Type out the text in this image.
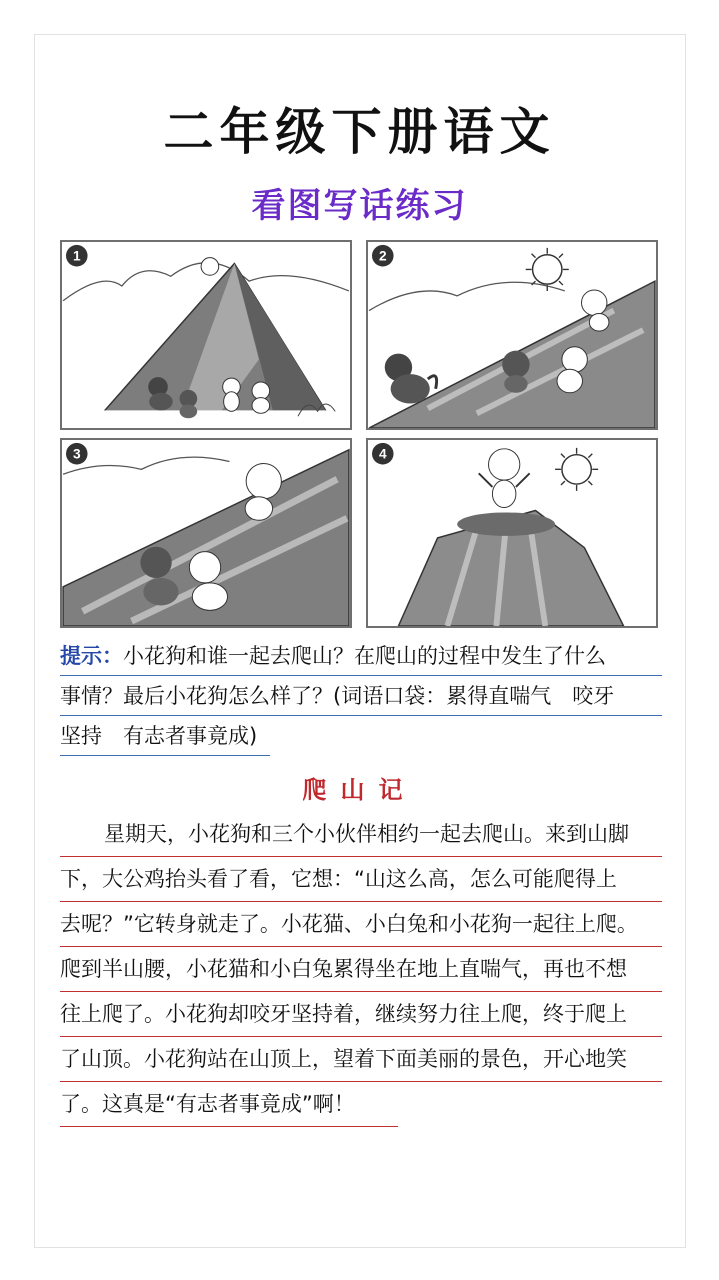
二年级下册语文
看图写话练习
1	2
3	4
提示：小花狗和谁一起去爬山？在爬山的过程中发生了什么
事情？最后小花狗怎么样了？(词语口袋：累得直喘气　咬牙
坚持　有志者事竟成)
爬山记
星期天，小花狗和三个小伙伴相约一起去爬山。来到山脚
下，大公鸡抬头看了看，它想：“山这么高，怎么可能爬得上
去呢？”它转身就走了。小花猫、小白兔和小花狗一起往上爬。
爬到半山腰，小花猫和小白兔累得坐在地上直喘气，再也不想
往上爬了。小花狗却咬牙坚持着，继续努力往上爬，终于爬上
了山顶。小花狗站在山顶上，望着下面美丽的景色，开心地笑
了。这真是“有志者事竟成”啊！
